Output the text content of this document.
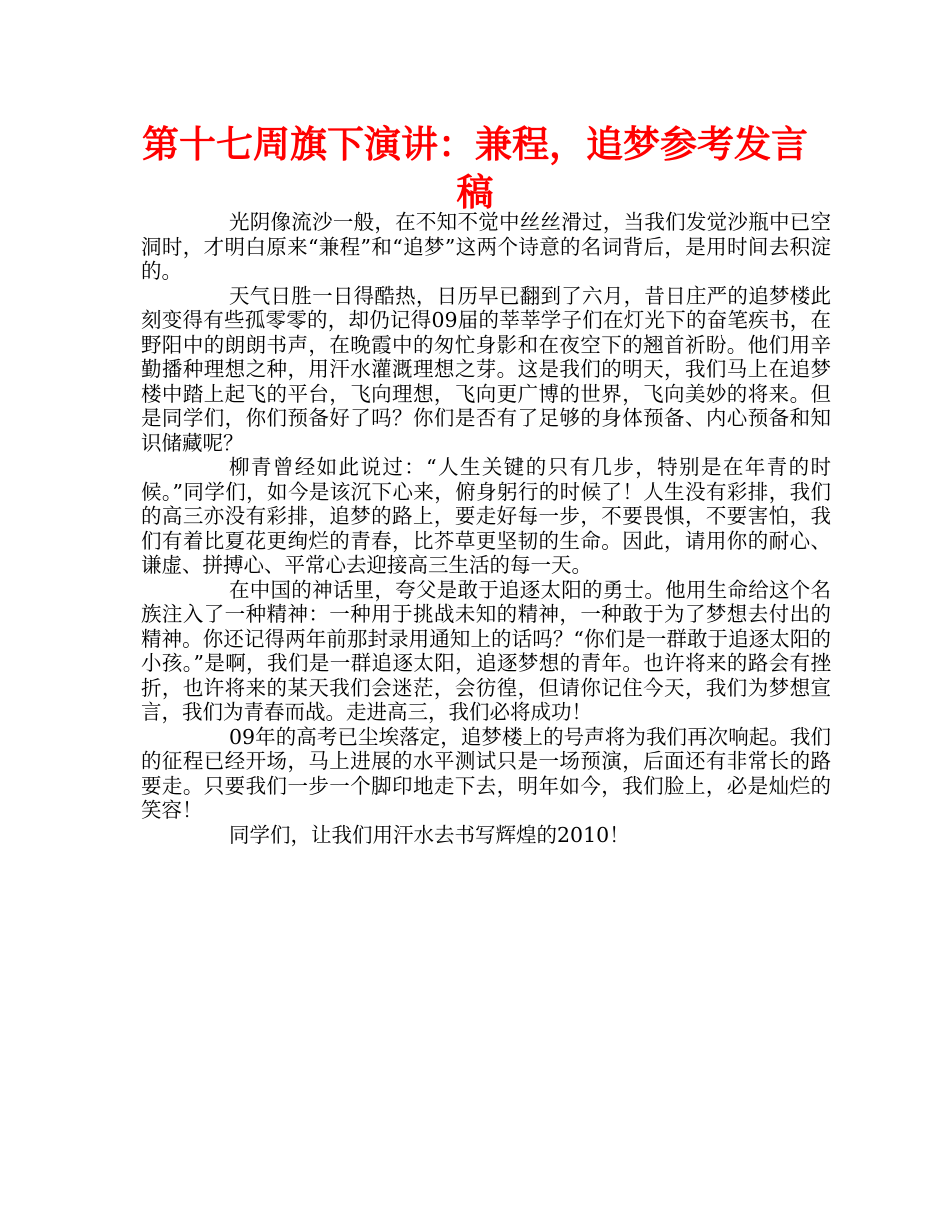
第十七周旗下演讲：兼程，追梦参考发言稿

光阴像流沙一般，在不知不觉中丝丝滑过，当我们发觉沙瓶中已空洞时，才明白原来“兼程”和“追梦”这两个诗意的名词背后，是用时间去积淀的。

天气日胜一日得酷热，日历早已翻到了六月，昔日庄严的追梦楼此刻变得有些孤零零的，却仍记得09届的莘莘学子们在灯光下的奋笔疾书，在野阳中的朗朗书声，在晚霞中的匆忙身影和在夜空下的翘首祈盼。他们用辛勤播种理想之种，用汗水灌溉理想之芽。这是我们的明天，我们马上在追梦楼中踏上起飞的平台，飞向理想，飞向更广博的世界，飞向美妙的将来。但是同学们，你们预备好了吗？你们是否有了足够的身体预备、内心预备和知识储藏呢？

柳青曾经如此说过：“人生关键的只有几步，特别是在年青的时候。”同学们，如今是该沉下心来，俯身躬行的时候了！人生没有彩排，我们的高三亦没有彩排，追梦的路上，要走好每一步，不要畏惧，不要害怕，我们有着比夏花更绚烂的青春，比芥草更坚韧的生命。因此，请用你的耐心、谦虚、拼搏心、平常心去迎接高三生活的每一天。

在中国的神话里，夸父是敢于追逐太阳的勇士。他用生命给这个名族注入了一种精神：一种用于挑战未知的精神，一种敢于为了梦想去付出的精神。你还记得两年前那封录用通知上的话吗？“你们是一群敢于追逐太阳的小孩。”是啊，我们是一群追逐太阳，追逐梦想的青年。也许将来的路会有挫折，也许将来的某天我们会迷茫，会彷徨，但请你记住今天，我们为梦想宣言，我们为青春而战。走进高三，我们必将成功！

09年的高考已尘埃落定，追梦楼上的号声将为我们再次响起。我们的征程已经开场，马上进展的水平测试只是一场预演，后面还有非常长的路要走。只要我们一步一个脚印地走下去，明年如今，我们脸上，必是灿烂的笑容！

同学们，让我们用汗水去书写辉煌的2010！
